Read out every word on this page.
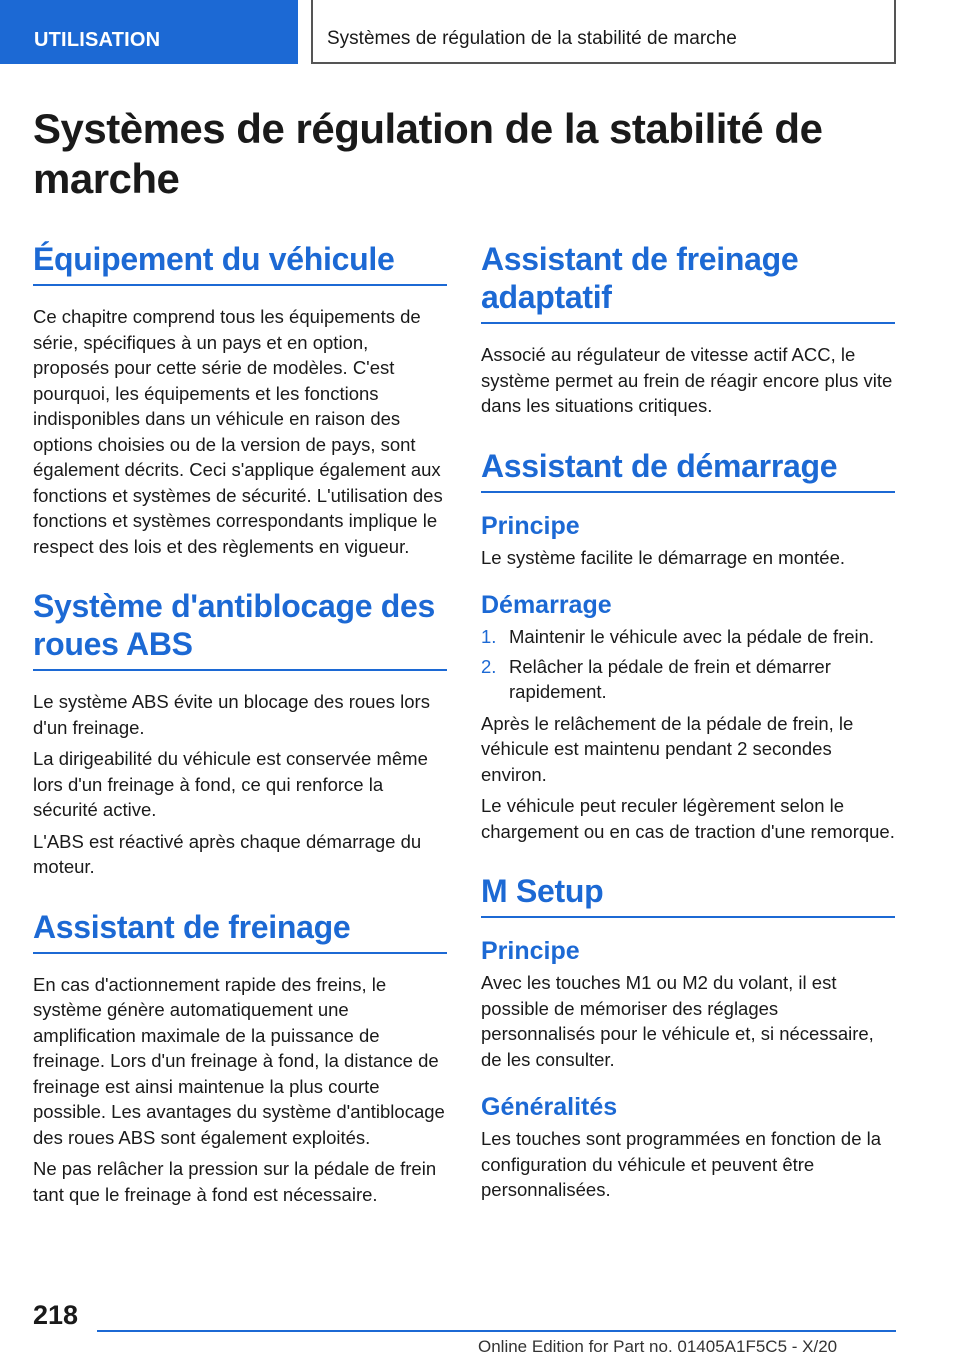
UTILISATION	Systèmes de régulation de la stabilité de marche
Systèmes de régulation de la stabilité de marche
Équipement du véhicule

Ce chapitre comprend tous les équipements de série, spécifiques à un pays et en option, proposés pour cette série de modèles. C'est pourquoi, les équipements et les fonctions indisponibles dans un véhicule en raison des options choisies ou de la version de pays, sont également décrits. Ceci s'applique également aux fonctions et systèmes de sécurité. L'utilisation des fonctions et systèmes correspondants implique le respect des lois et des règlements en vigueur.

Système d'antiblocage des roues ABS

Le système ABS évite un blocage des roues lors d'un freinage.

La dirigeabilité du véhicule est conservée même lors d'un freinage à fond, ce qui renforce la sécurité active.

L'ABS est réactivé après chaque démarrage du moteur.

Assistant de freinage

En cas d'actionnement rapide des freins, le système génère automatiquement une amplification maximale de la puissance de freinage. Lors d'un freinage à fond, la distance de freinage est ainsi maintenue la plus courte possible. Les avantages du système d'antiblocage des roues ABS sont également exploités.

Ne pas relâcher la pression sur la pédale de frein tant que le freinage à fond est nécessaire.

Assistant de freinage adaptatif

Associé au régulateur de vitesse actif ACC, le système permet au frein de réagir encore plus vite dans les situations critiques.

Assistant de démarrage
Principe

Le système facilite le démarrage en montée.

Démarrage
1. Maintenir le véhicule avec la pédale de frein.
2. Relâcher la pédale de frein et démarrer rapidement.

Après le relâchement de la pédale de frein, le véhicule est maintenu pendant 2 secondes environ.

Le véhicule peut reculer légèrement selon le chargement ou en cas de traction d'une remorque.

M Setup
Principe

Avec les touches M1 ou M2 du volant, il est possible de mémoriser des réglages personnalisés pour le véhicule et, si nécessaire, de les consulter.

Généralités

Les touches sont programmées en fonction de la configuration du véhicule et peuvent être personnalisées.

218
Online Edition for Part no. 01405A1F5C5 - X/20
